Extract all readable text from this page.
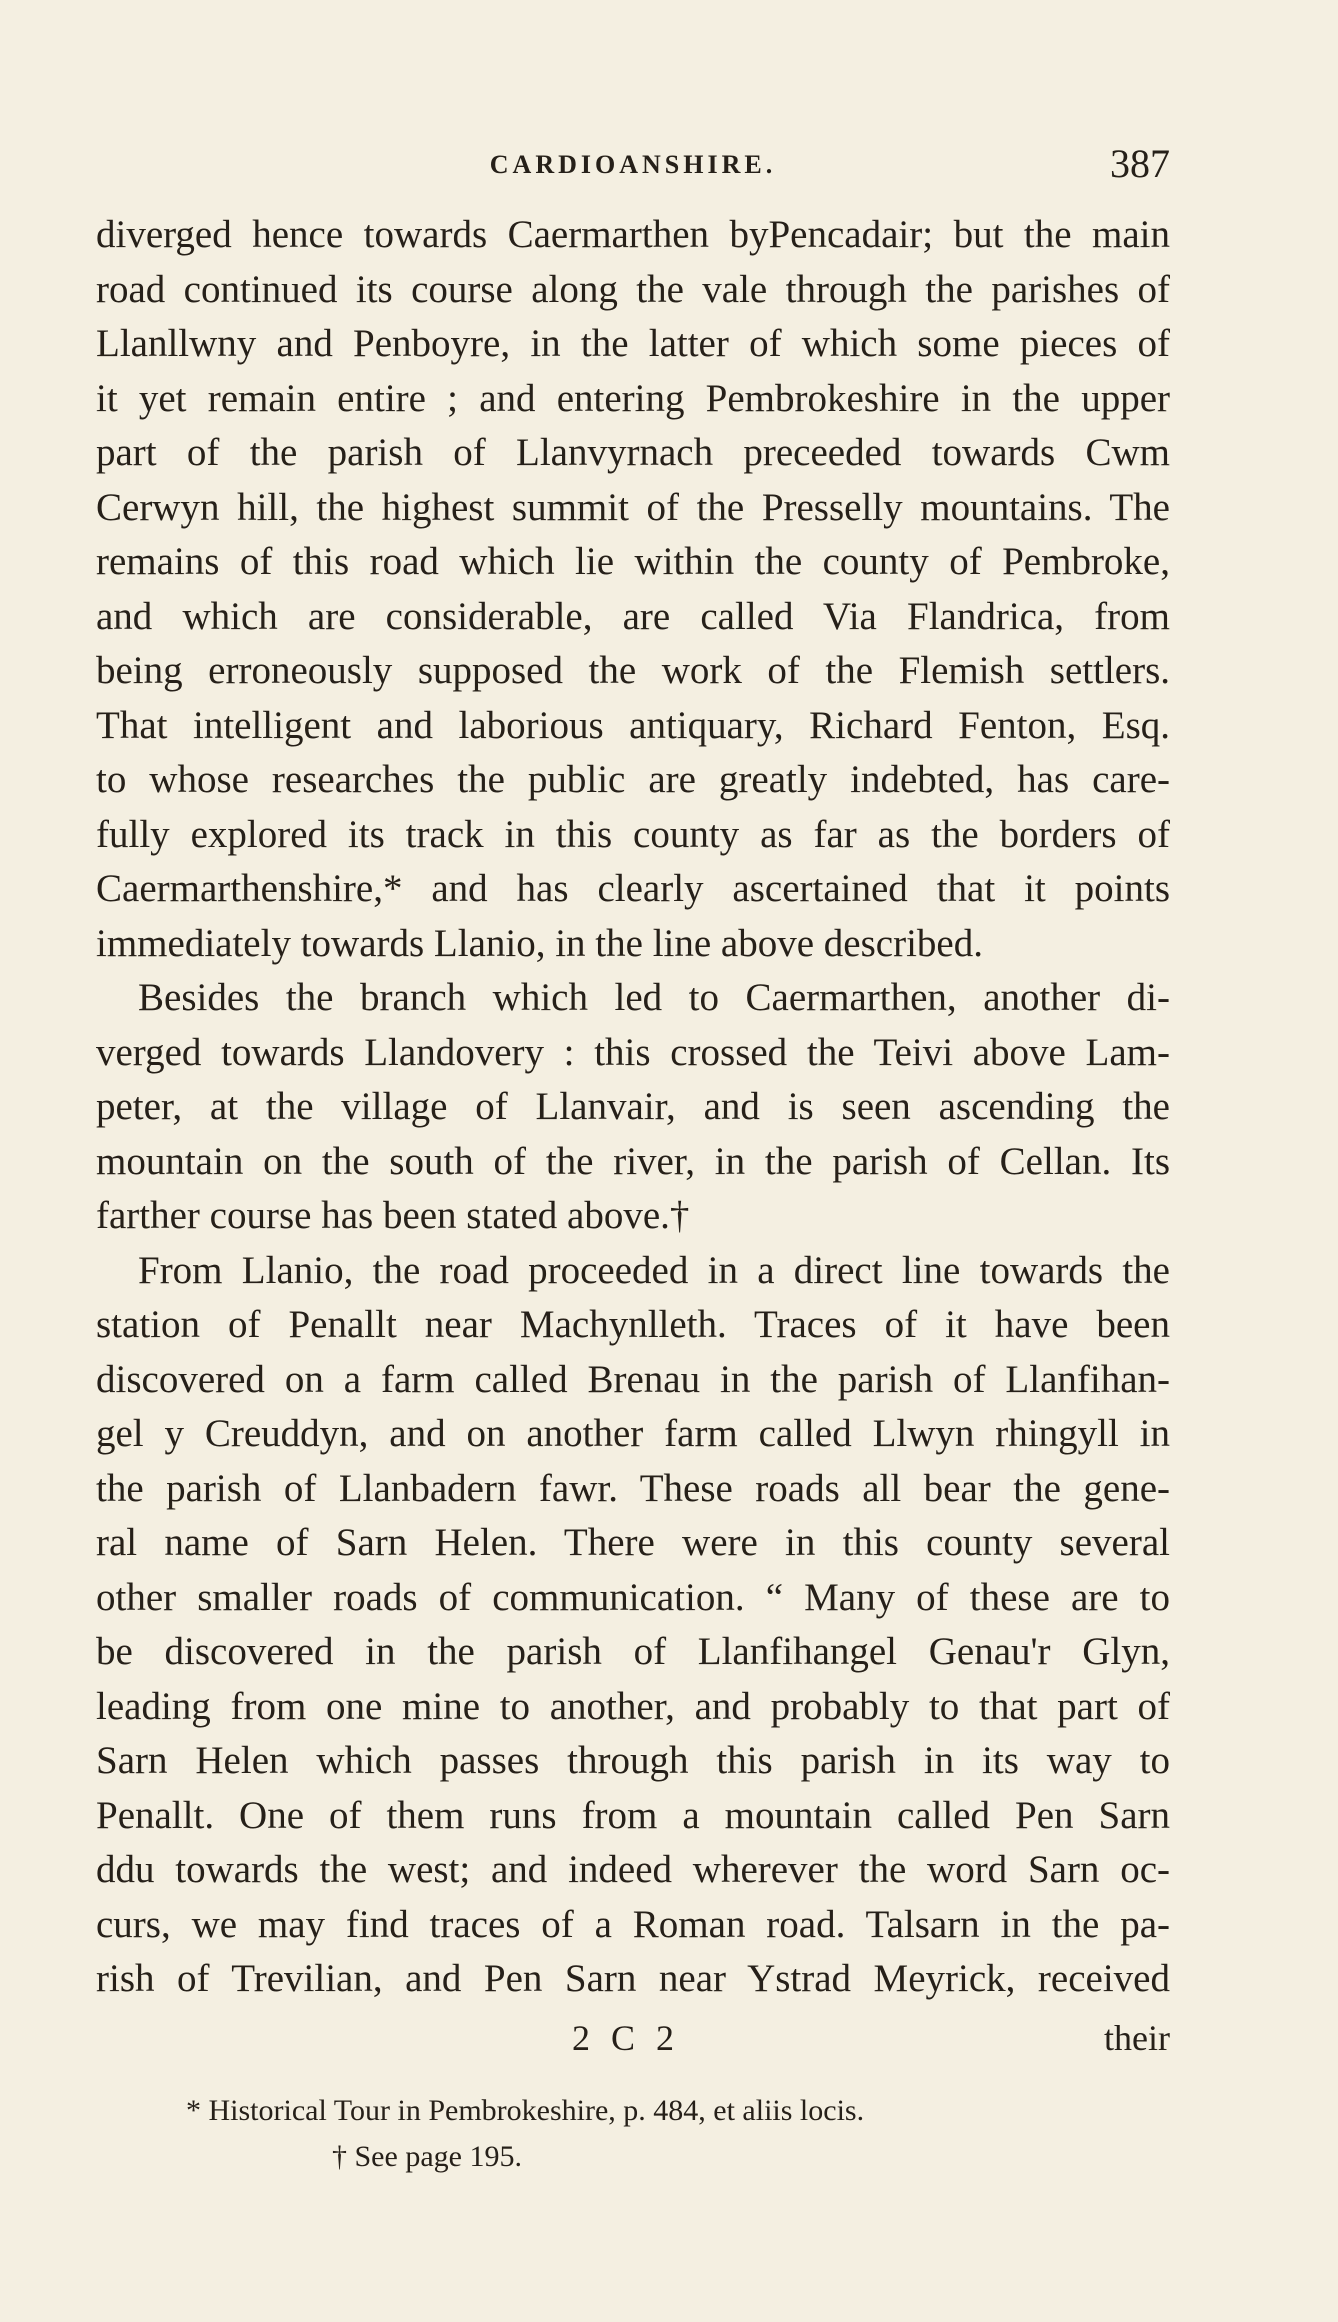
CARDIOANSHIRE.	387
diverged hence towards Caermarthen byPencadair; but the main
road continued its course along the vale through the parishes of
Llanllwny and Penboyre, in the latter of which some pieces of
it yet remain entire ; and entering Pembrokeshire in the upper
part of the parish of Llanvyrnach preceeded towards Cwm
Cerwyn hill, the highest summit of the Presselly mountains. The
remains of this road which lie within the county of Pembroke,
and which are considerable, are called Via Flandrica, from
being erroneously supposed the work of the Flemish settlers.
That intelligent and laborious antiquary, Richard Fenton, Esq.
to whose researches the public are greatly indebted, has care-
fully explored its track in this county as far as the borders of
Caermarthenshire,* and has clearly ascertained that it points
immediately towards Llanio, in the line above described.
Besides the branch which led to Caermarthen, another di-
verged towards Llandovery : this crossed the Teivi above Lam-
peter, at the village of Llanvair, and is seen ascending the
mountain on the south of the river, in the parish of Cellan. Its
farther course has been stated above.†
From Llanio, the road proceeded in a direct line towards the
station of Penallt near Machynlleth. Traces of it have been
discovered on a farm called Brenau in the parish of Llanfihan-
gel y Creuddyn, and on another farm called Llwyn rhingyll in
the parish of Llanbadern fawr. These roads all bear the gene-
ral name of Sarn Helen. There were in this county several
other smaller roads of communication. “ Many of these are to
be discovered in the parish of Llanfihangel Genau'r Glyn,
leading from one mine to another, and probably to that part of
Sarn Helen which passes through this parish in its way to
Penallt. One of them runs from a mountain called Pen Sarn
ddu towards the west; and indeed wherever the word Sarn oc-
curs, we may find traces of a Roman road. Talsarn in the pa-
rish of Trevilian, and Pen Sarn near Ystrad Meyrick, received
2 C 2	their
* Historical Tour in Pembrokeshire, p. 484, et aliis locis.
† See page 195.
